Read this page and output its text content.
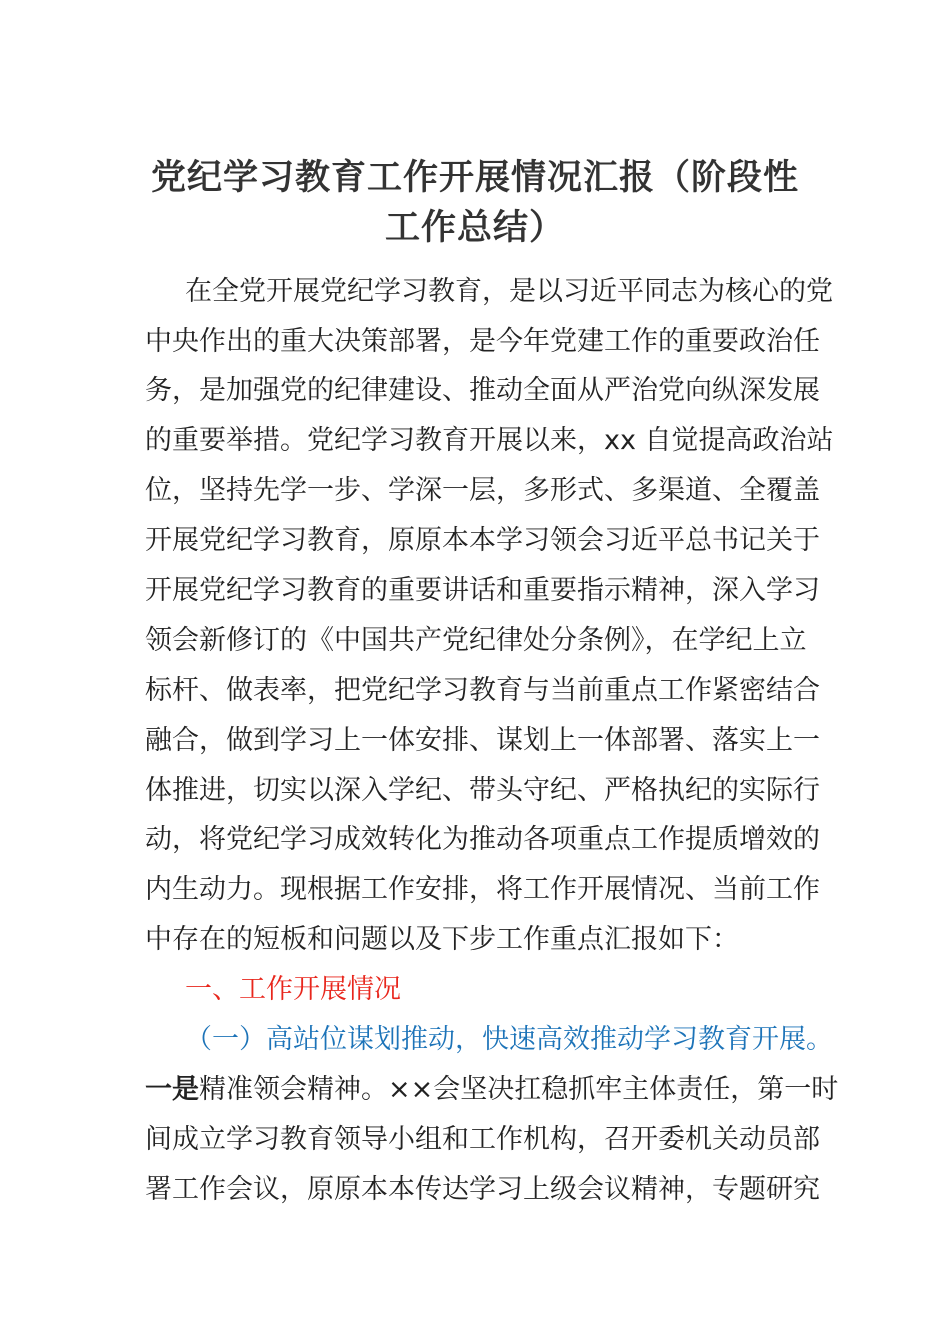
党纪学习教育工作开展情况汇报（阶段性
工作总结）
在全党开展党纪学习教育，是以习近平同志为核心的党
中央作出的重大决策部署，是今年党建工作的重要政治任
务，是加强党的纪律建设、推动全面从严治党向纵深发展
的重要举措。党纪学习教育开展以来，xx 自觉提高政治站
位，坚持先学一步、学深一层，多形式、多渠道、全覆盖
开展党纪学习教育，原原本本学习领会习近平总书记关于
开展党纪学习教育的重要讲话和重要指示精神，深入学习
领会新修订的《中国共产党纪律处分条例》，在学纪上立
标杆、做表率，把党纪学习教育与当前重点工作紧密结合
融合，做到学习上一体安排、谋划上一体部署、落实上一
体推进，切实以深入学纪、带头守纪、严格执纪的实际行
动，将党纪学习成效转化为推动各项重点工作提质增效的
内生动力。现根据工作安排，将工作开展情况、当前工作
中存在的短板和问题以及下步工作重点汇报如下：
一、工作开展情况
（一）高站位谋划推动，快速高效推动学习教育开展。
一是精准领会精神。××会坚决扛稳抓牢主体责任，第一时
间成立学习教育领导小组和工作机构，召开委机关动员部
署工作会议，原原本本传达学习上级会议精神，专题研究
